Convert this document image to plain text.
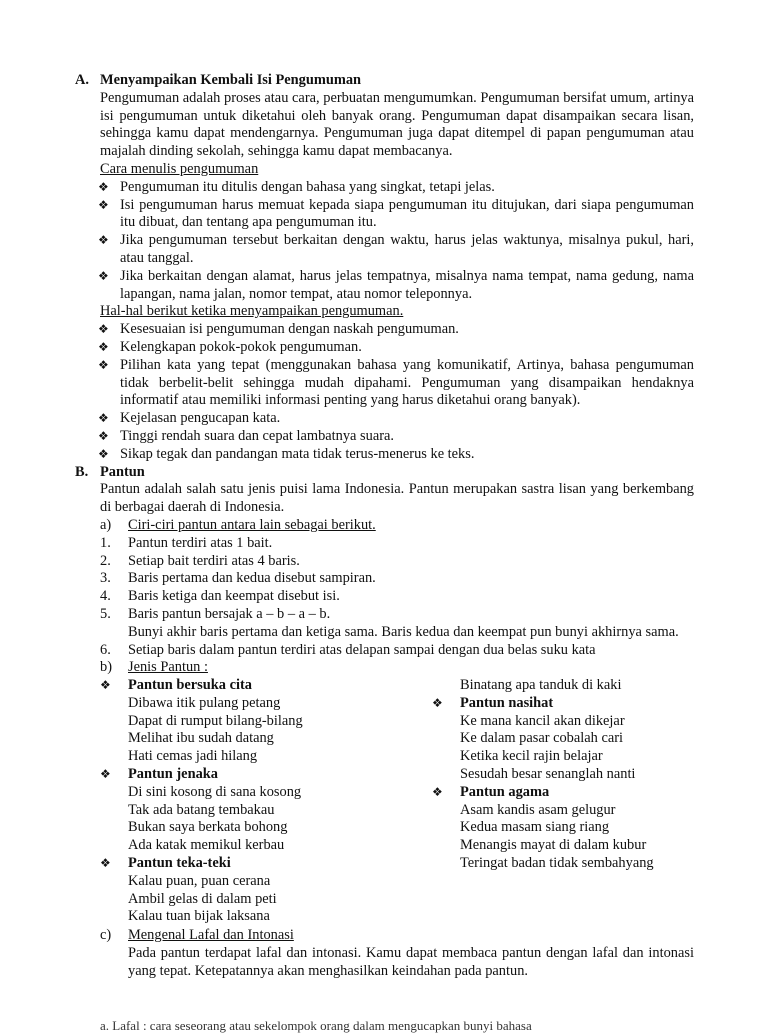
A. Menyampaikan Kembali Isi Pengumuman
Pengumuman adalah proses atau cara, perbuatan mengumumkan. Pengumuman bersifat umum, artinya isi pengumuman untuk diketahui oleh banyak orang. Pengumuman dapat disampaikan secara lisan, sehingga kamu dapat mendengarnya. Pengumuman juga dapat ditempel di papan pengumuman atau majalah dinding sekolah, sehingga kamu dapat membacanya.
Cara menulis pengumuman
❖ Pengumuman itu ditulis dengan bahasa yang singkat, tetapi jelas.
❖ Isi pengumuman harus memuat kepada siapa pengumuman itu ditujukan, dari siapa pengumuman itu dibuat, dan tentang apa pengumuman itu.
❖ Jika pengumuman tersebut berkaitan dengan waktu, harus jelas waktunya, misalnya pukul, hari, atau tanggal.
❖ Jika berkaitan dengan alamat, harus jelas tempatnya, misalnya nama tempat, nama gedung, nama lapangan, nama jalan, nomor tempat, atau nomor teleponnya.
Hal-hal berikut ketika menyampaikan pengumuman.
❖ Kesesuaian isi pengumuman dengan naskah pengumuman.
❖ Kelengkapan pokok-pokok pengumuman.
❖ Pilihan kata yang tepat (menggunakan bahasa yang komunikatif, Artinya, bahasa pengumuman tidak berbelit-belit sehingga mudah dipahami. Pengumuman yang disampaikan hendaknya informatif atau memiliki informasi penting yang harus diketahui orang banyak).
❖ Kejelasan pengucapan kata.
❖ Tinggi rendah suara dan cepat lambatnya suara.
❖ Sikap tegak dan pandangan mata tidak terus-menerus ke teks.
B. Pantun
Pantun adalah salah satu jenis puisi lama Indonesia. Pantun merupakan sastra lisan yang berkembang di berbagai daerah di Indonesia.
a) Ciri-ciri pantun antara lain sebagai berikut.
1. Pantun terdiri atas 1 bait.
2. Setiap bait terdiri atas 4 baris.
3. Baris pertama dan kedua disebut sampiran.
4. Baris ketiga dan keempat disebut isi.
5. Baris pantun bersajak a – b – a – b.
Bunyi akhir baris pertama dan ketiga sama. Baris kedua dan keempat pun bunyi akhirnya sama.
6. Setiap baris dalam pantun terdiri atas delapan sampai dengan dua belas suku kata
b) Jenis Pantun :
❖ Pantun bersuka cita
Dibawa itik pulang petang
Dapat di rumput bilang-bilang
Melihat ibu sudah datang
Hati cemas jadi hilang
❖ Pantun jenaka
Di sini kosong di sana kosong
Tak ada batang tembakau
Bukan saya berkata bohong
Ada katak memikul kerbau
❖ Pantun teka-teki
Kalau puan, puan cerana
Ambil gelas di dalam peti
Kalau tuan bijak laksana
Binatang apa tanduk di kaki
❖ Pantun nasihat
Ke mana kancil akan dikejar
Ke dalam pasar cobalah cari
Ketika kecil rajin belajar
Sesudah besar senanglah nanti
❖ Pantun agama
Asam kandis asam gelugur
Kedua masam siang riang
Menangis mayat di dalam kubur
Teringat badan tidak sembahyang
c) Mengenal Lafal dan Intonasi
Pada pantun terdapat lafal dan intonasi. Kamu dapat membaca pantun dengan lafal dan intonasi yang tepat. Ketepatannya akan menghasilkan keindahan pada pantun.
a. Lafal : cara seseorang atau sekelompok orang dalam mengucapkan bunyi bahasa
